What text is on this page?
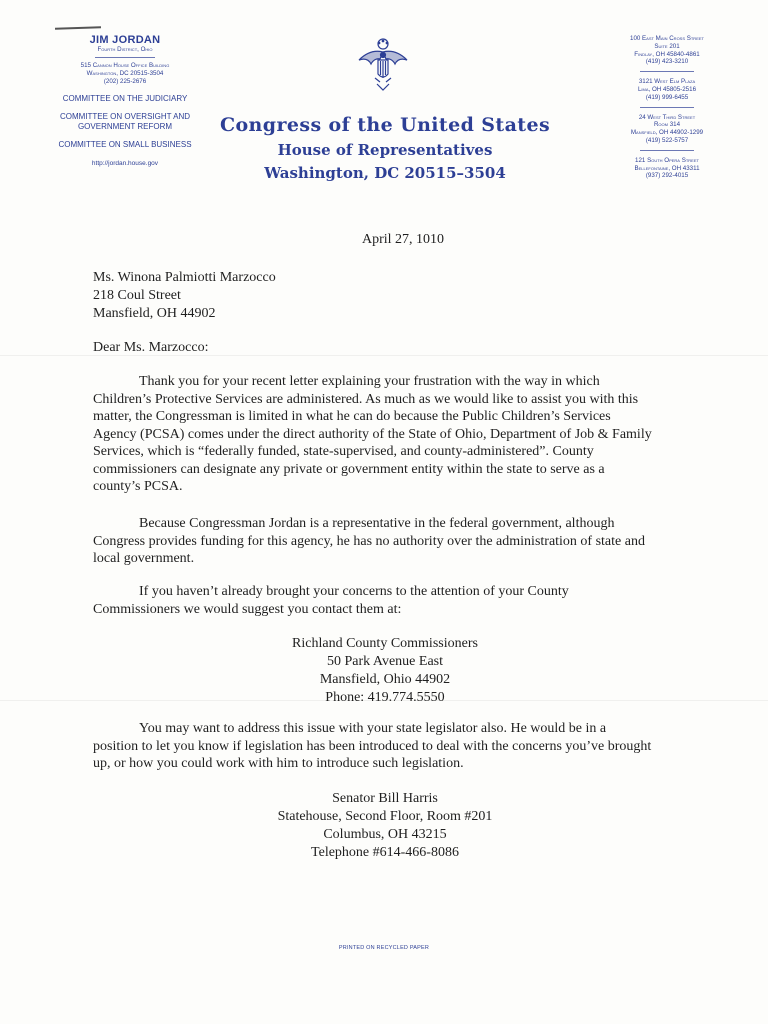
JIM JORDAN
Fourth District, Ohio
515 Cannon House Office Building
Washington, DC 20515-3504
(202) 225-2676
COMMITTEE ON THE JUDICIARY
COMMITTEE ON OVERSIGHT AND GOVERNMENT REFORM
COMMITTEE ON SMALL BUSINESS
http://jordan.house.gov
Congress of the United States
House of Representatives
Washington, DC 20515–3504
100 East Main Cross Street
Suite 201
Findlay, OH 45840-4861
(419) 423-3210
3121 West Elm Plaza
Lima, OH 45805-2516
(419) 999-6455
24 West Third Street
Room 314
Mansfield, OH 44902-1299
(419) 522-5757
121 South Opera Street
Bellefontaine, OH 43311
(937) 292-4015
April 27, 1010
Ms. Winona Palmiotti Marzocco
218 Coul Street
Mansfield, OH 44902
Dear Ms. Marzocco:

Thank you for your recent letter explaining your frustration with the way in which Children’s Protective Services are administered. As much as we would like to assist you with this matter, the Congressman is limited in what he can do because the Public Children’s Services Agency (PCSA) comes under the direct authority of the State of Ohio, Department of Job & Family Services, which is “federally funded, state-supervised, and county-administered”. County commissioners can designate any private or government entity within the state to serve as a county’s PCSA.

Because Congressman Jordan is a representative in the federal government, although Congress provides funding for this agency, he has no authority over the administration of state and local government.

If you haven’t already brought your concerns to the attention of your County Commissioners we would suggest you contact them at:

Richland County Commissioners
50 Park Avenue East
Mansfield, Ohio 44902
Phone: 419.774.5550

You may want to address this issue with your state legislator also. He would be in a position to let you know if legislation has been introduced to deal with the concerns you’ve brought up, or how you could work with him to introduce such legislation.

Senator Bill Harris
Statehouse, Second Floor, Room #201
Columbus, OH 43215
Telephone #614-466-8086
PRINTED ON RECYCLED PAPER
